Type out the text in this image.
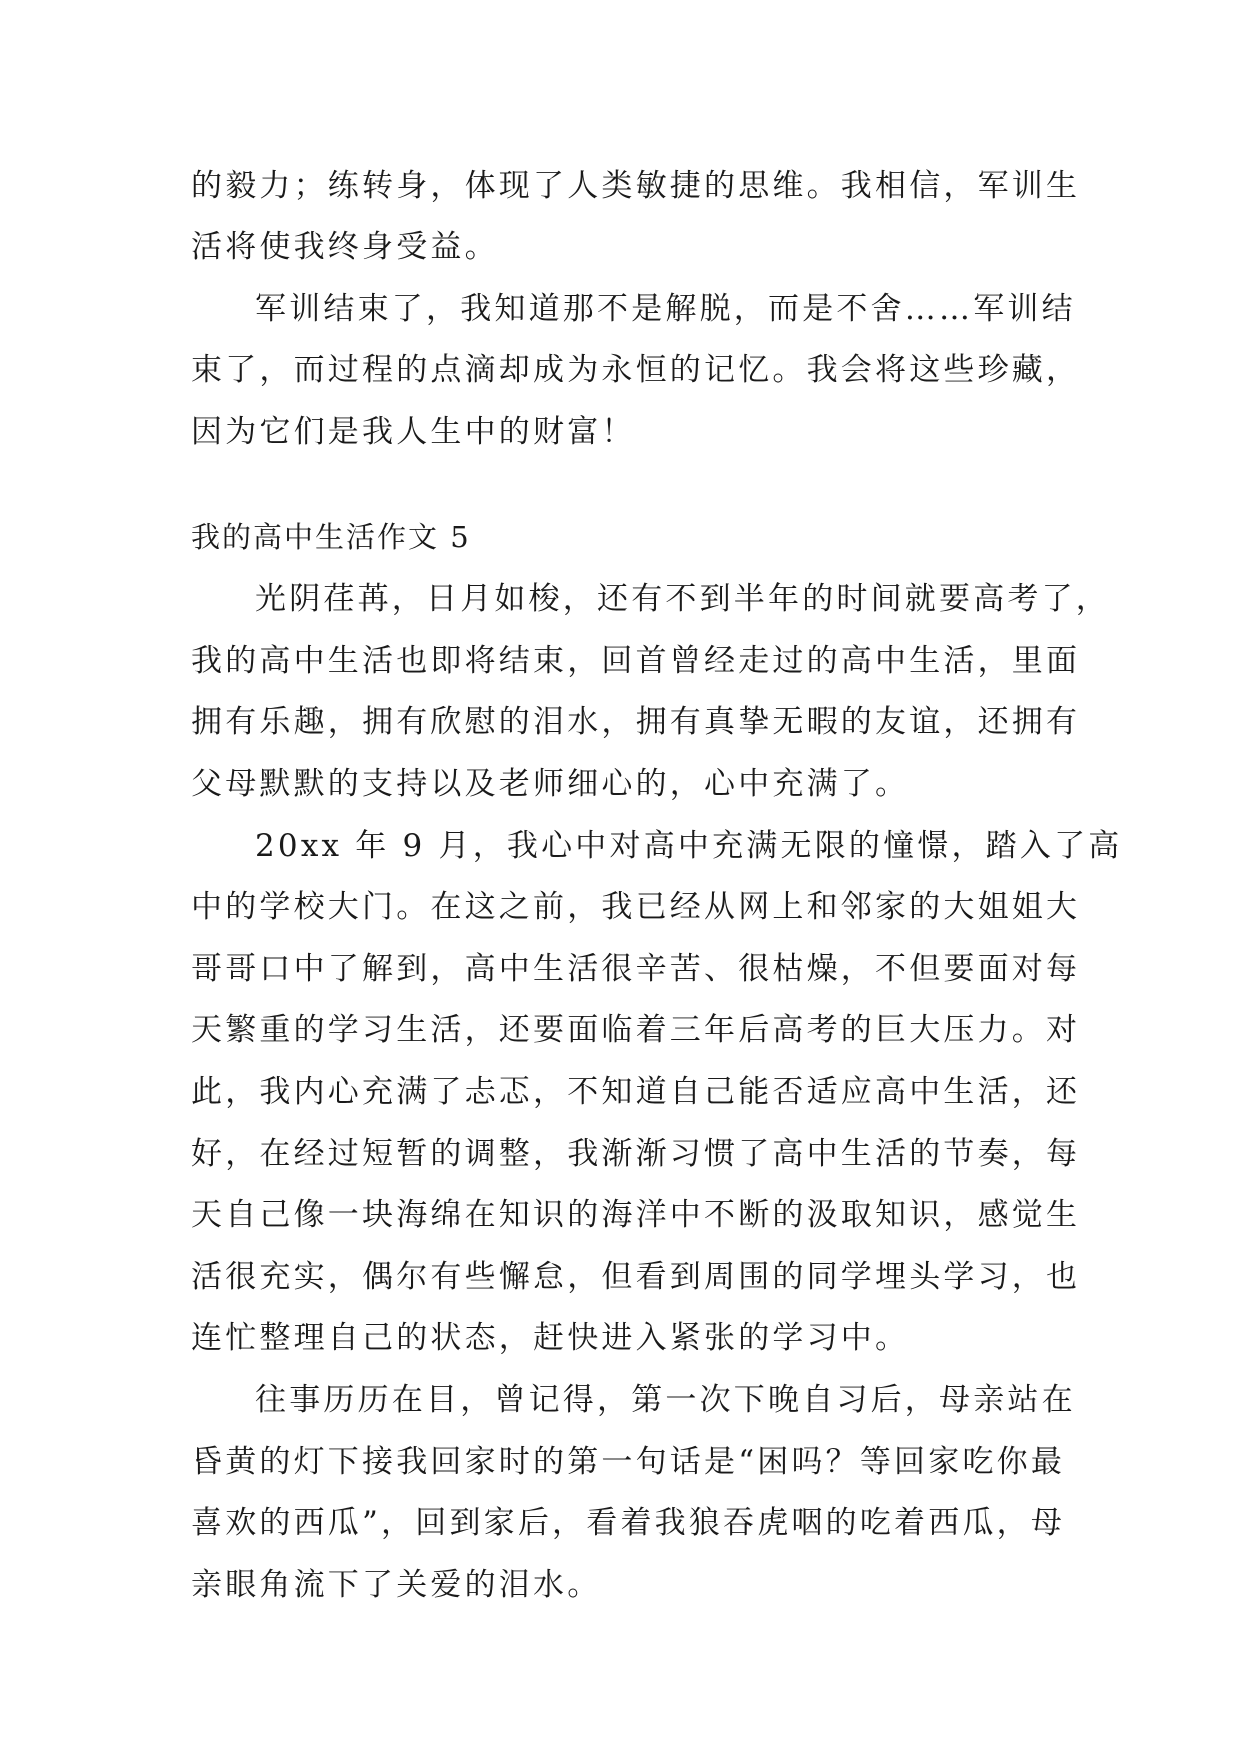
的毅力；练转身，体现了人类敏捷的思维。我相信，军训生
活将使我终身受益。
军训结束了，我知道那不是解脱，而是不舍……军训结
束了，而过程的点滴却成为永恒的记忆。我会将这些珍藏，
因为它们是我人生中的财富！
我的高中生活作文 5
光阴荏苒，日月如梭，还有不到半年的时间就要高考了，
我的高中生活也即将结束，回首曾经走过的高中生活，里面
拥有乐趣，拥有欣慰的泪水，拥有真挚无暇的友谊，还拥有
父母默默的支持以及老师细心的，心中充满了。
20xx 年 9 月，我心中对高中充满无限的憧憬，踏入了高
中的学校大门。在这之前，我已经从网上和邻家的大姐姐大
哥哥口中了解到，高中生活很辛苦、很枯燥，不但要面对每
天繁重的学习生活，还要面临着三年后高考的巨大压力。对
此，我内心充满了忐忑，不知道自己能否适应高中生活，还
好，在经过短暂的调整，我渐渐习惯了高中生活的节奏，每
天自己像一块海绵在知识的海洋中不断的汲取知识，感觉生
活很充实，偶尔有些懈怠，但看到周围的同学埋头学习，也
连忙整理自己的状态，赶快进入紧张的学习中。
往事历历在目，曾记得，第一次下晚自习后，母亲站在
昏黄的灯下接我回家时的第一句话是“困吗？等回家吃你最
喜欢的西瓜”，回到家后，看着我狼吞虎咽的吃着西瓜，母
亲眼角流下了关爱的泪水。
